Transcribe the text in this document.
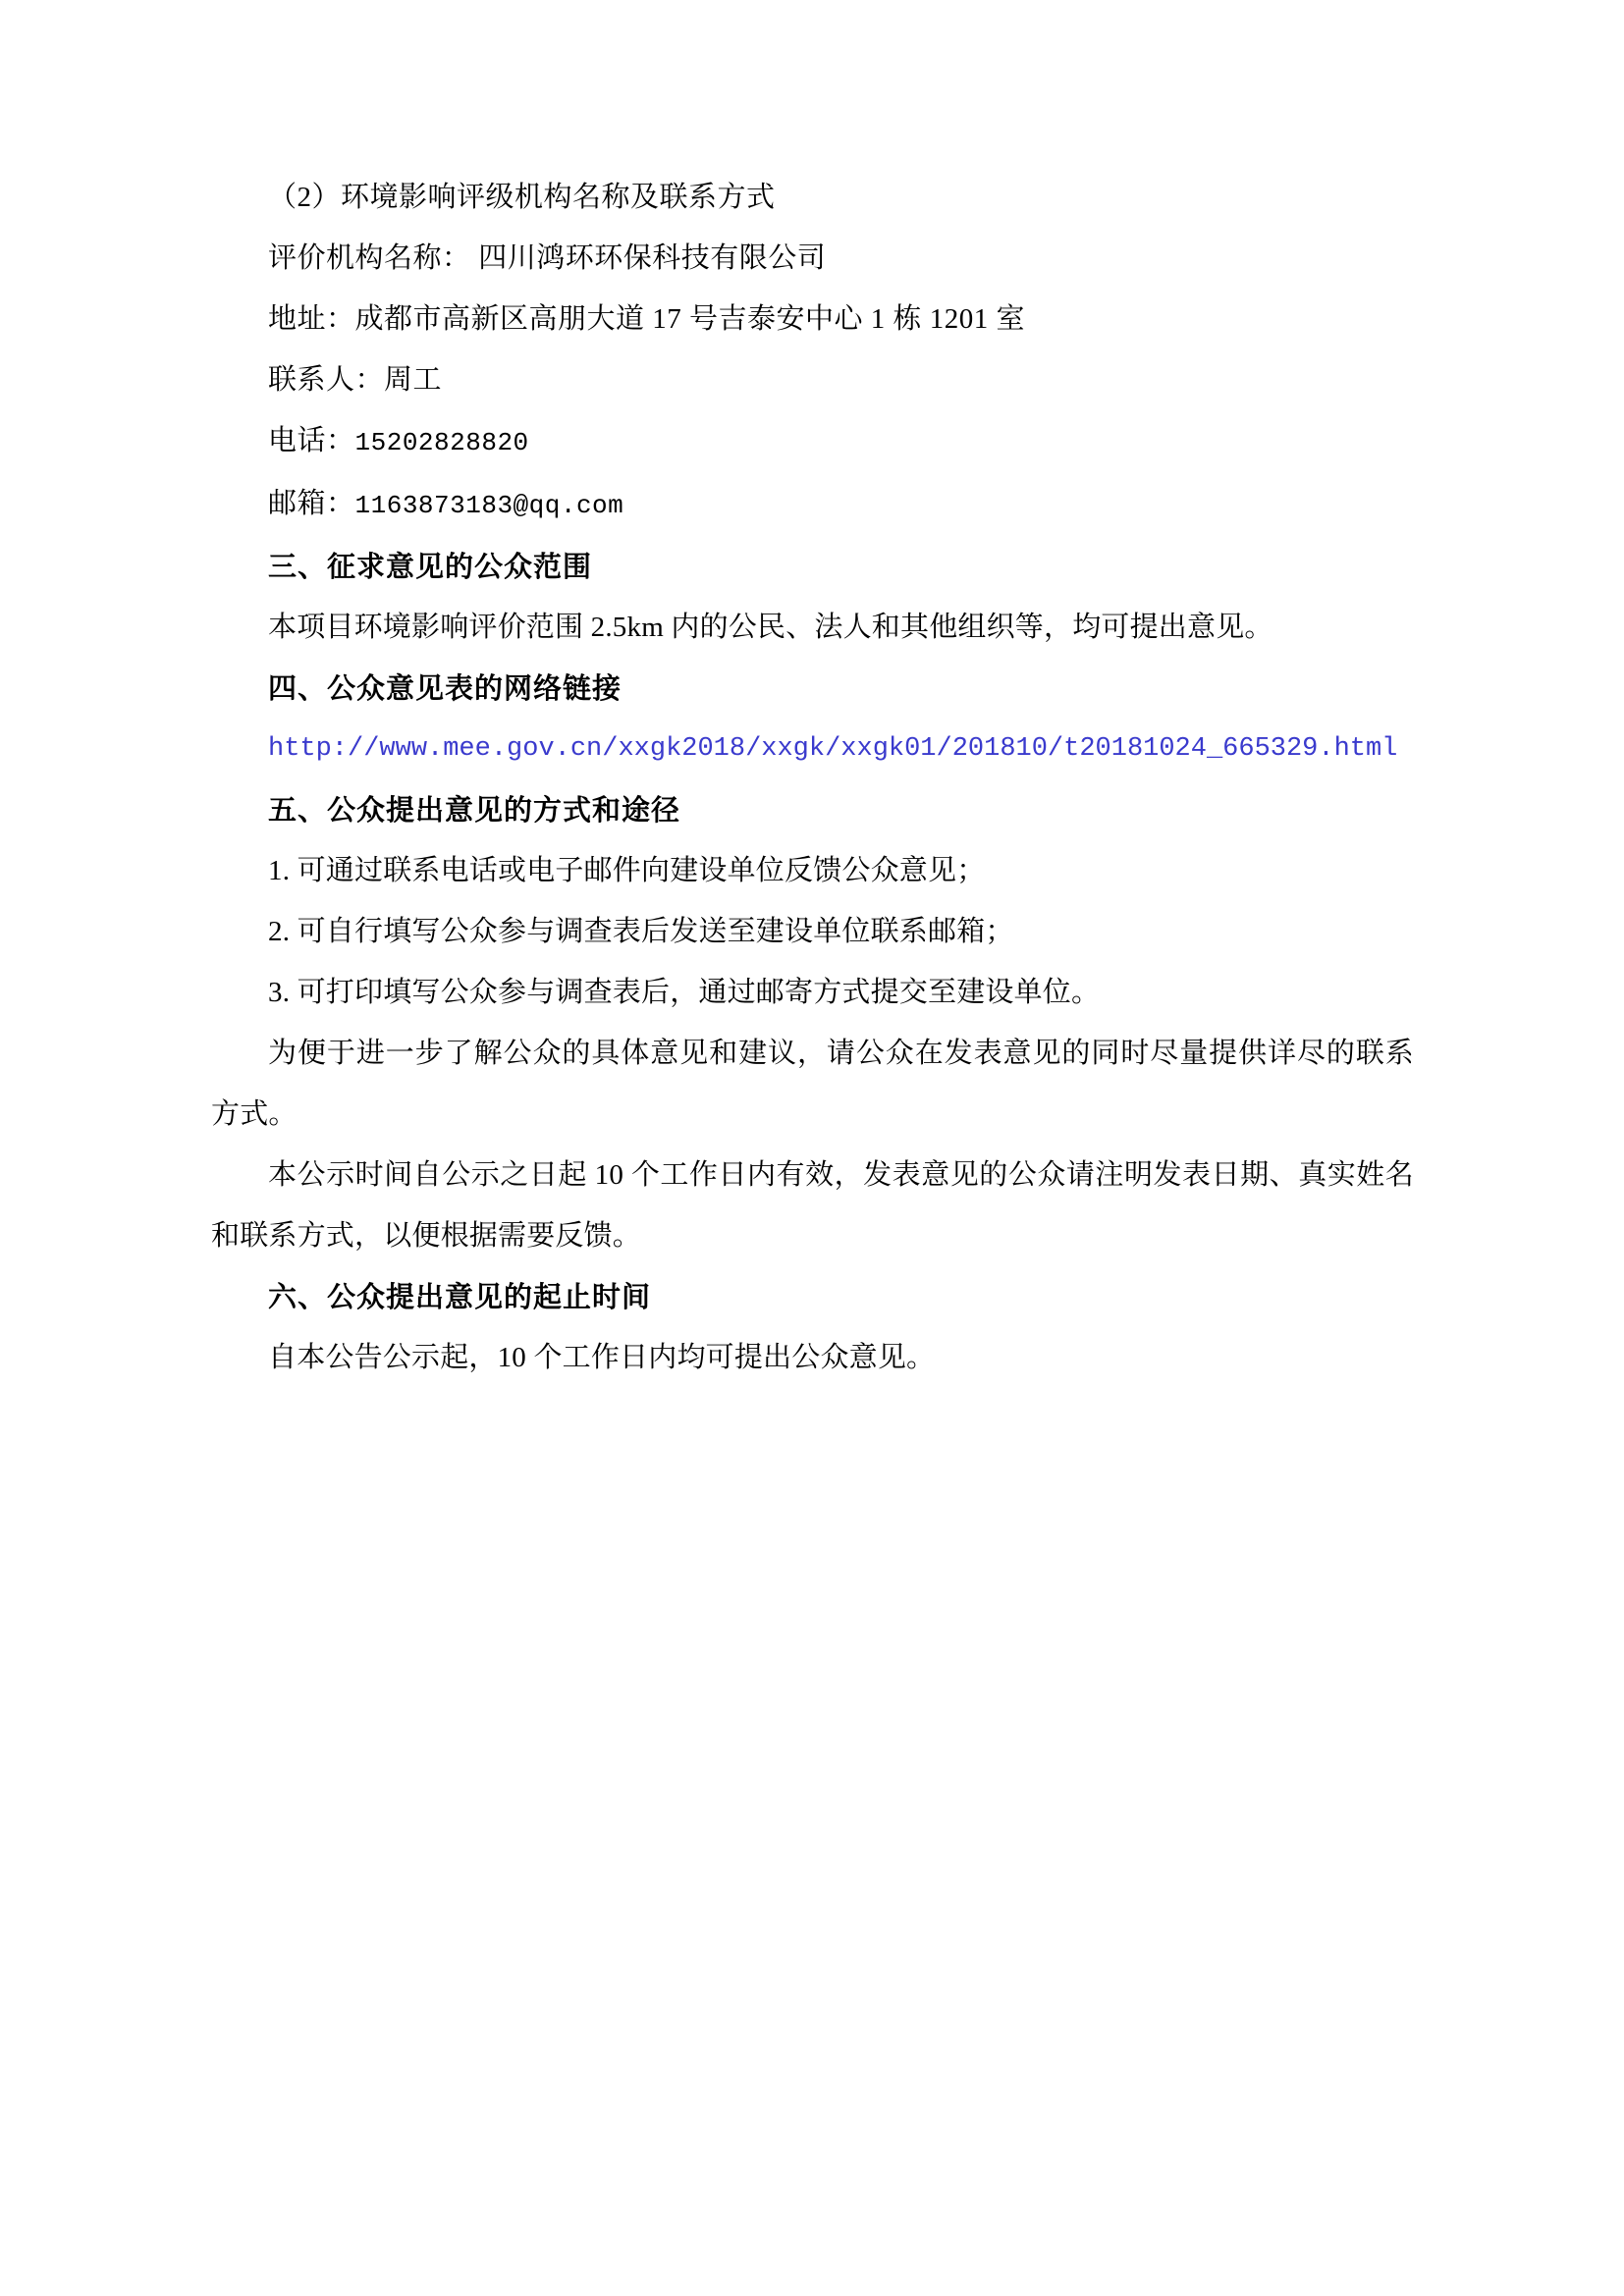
（2）环境影响评级机构名称及联系方式

评价机构名称： 四川鸿环环保科技有限公司

地址：成都市高新区高朋大道 17 号吉泰安中心 1 栋 1201 室

联系人：周工

电话：15202828820

邮箱：1163873183@qq.com

三、征求意见的公众范围

本项目环境影响评价范围 2.5km 内的公民、法人和其他组织等，均可提出意见。

四、公众意见表的网络链接

http://www.mee.gov.cn/xxgk2018/xxgk/xxgk01/201810/t20181024_665329.html

五、公众提出意见的方式和途径

1. 可通过联系电话或电子邮件向建设单位反馈公众意见；

2. 可自行填写公众参与调查表后发送至建设单位联系邮箱；

3. 可打印填写公众参与调查表后，通过邮寄方式提交至建设单位。

为便于进一步了解公众的具体意见和建议，请公众在发表意见的同时尽量提供详尽的联系方式。

本公示时间自公示之日起 10 个工作日内有效，发表意见的公众请注明发表日期、真实姓名和联系方式，以便根据需要反馈。

六、公众提出意见的起止时间

自本公告公示起，10 个工作日内均可提出公众意见。
